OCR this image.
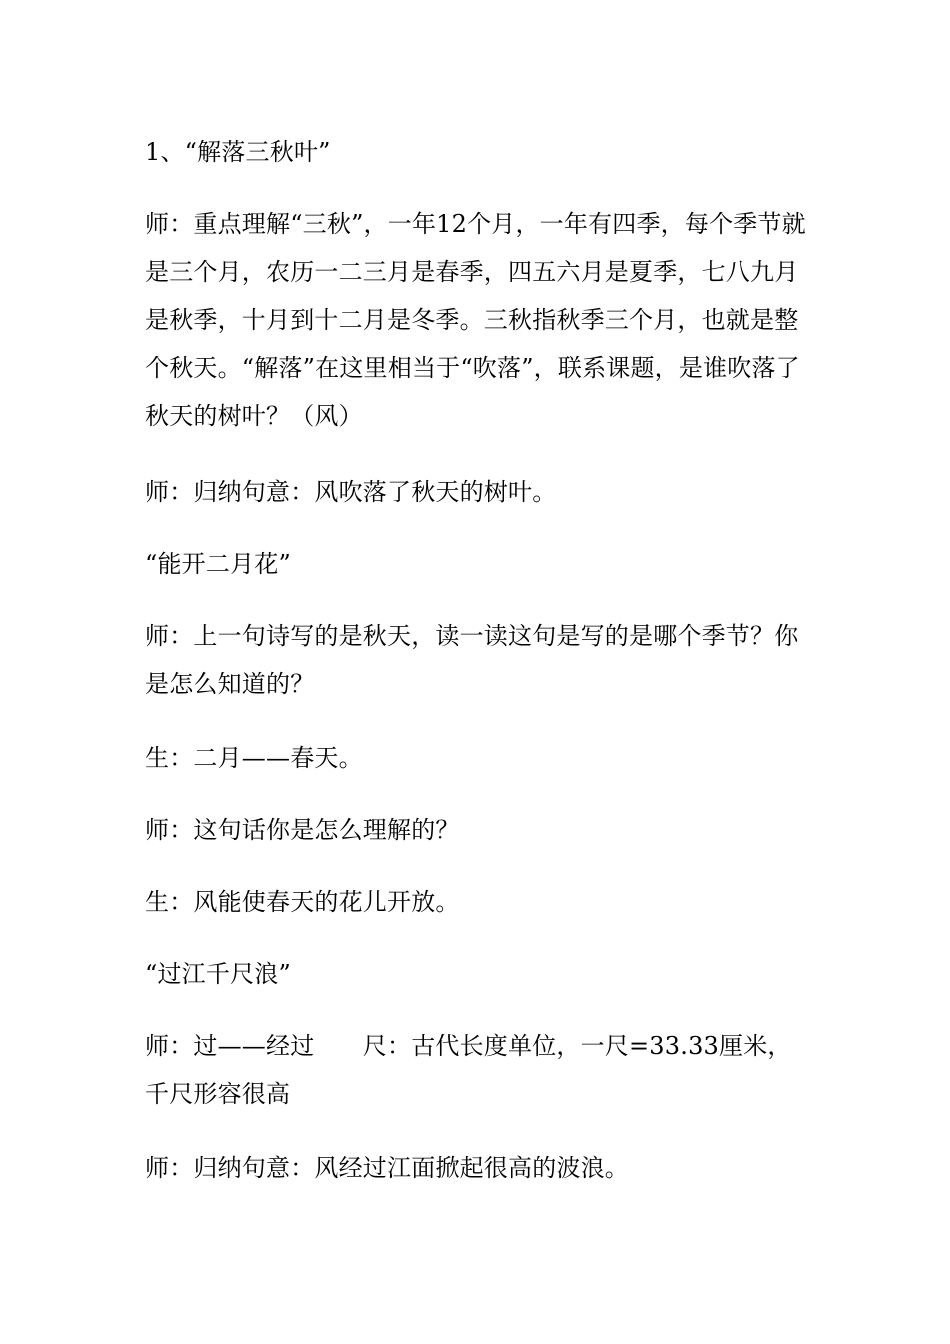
1、“解落三秋叶”

师：重点理解“三秋”，一年12个月，一年有四季，每个季节就是三个月，农历一二三月是春季，四五六月是夏季，七八九月是秋季，十月到十二月是冬季。三秋指秋季三个月，也就是整个秋天。“解落”在这里相当于“吹落”，联系课题，是谁吹落了秋天的树叶？（风）

师：归纳句意：风吹落了秋天的树叶。

“能开二月花”

师：上一句诗写的是秋天，读一读这句是写的是哪个季节？你是怎么知道的？

生：二月——春天。

师：这句话你是怎么理解的？

生：风能使春天的花儿开放。

“过江千尺浪”

师：过——经过　　尺：古代长度单位，一尺=33.33厘米，千尺形容很高

师：归纳句意：风经过江面掀起很高的波浪。
